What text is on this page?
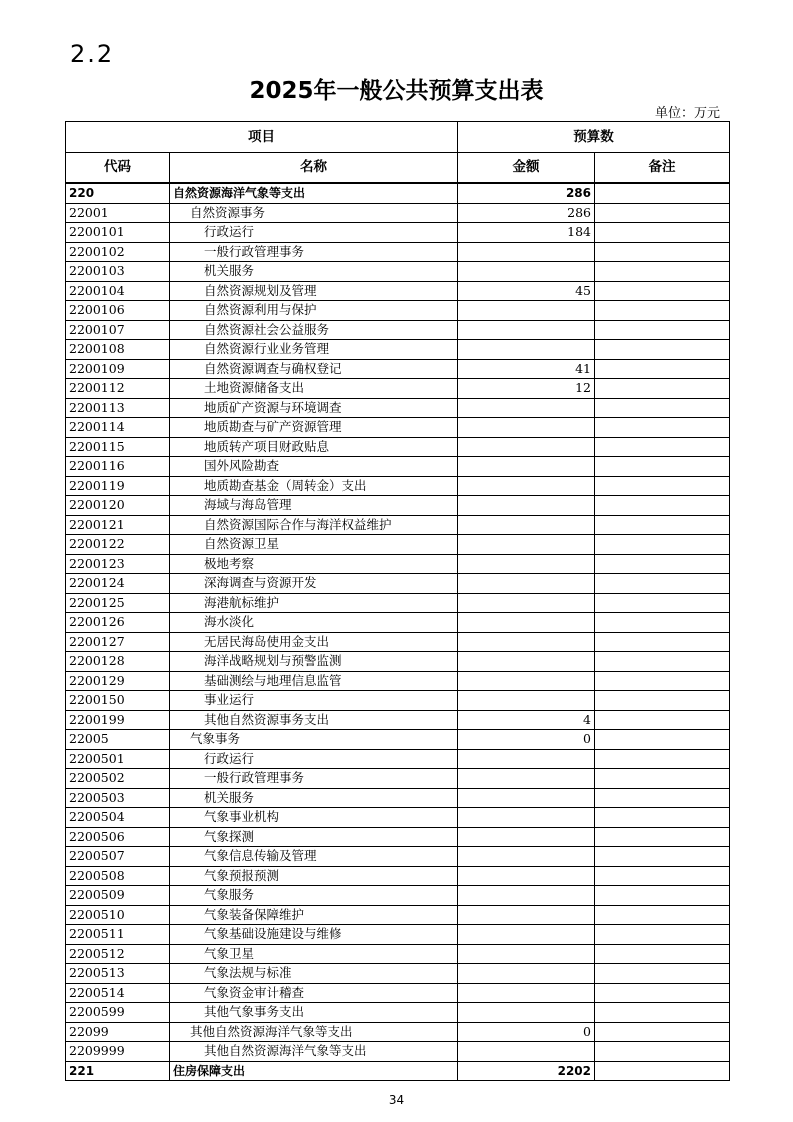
2.2
2025年一般公共预算支出表
单位：万元
项目		预算数	
代码	名称	金额	备注
220	自然资源海洋气象等支出	286	
22001	自然资源事务	286	
2200101	行政运行	184	
2200102	一般行政管理事务		
2200103	机关服务		
2200104	自然资源规划及管理	45	
2200106	自然资源利用与保护		
2200107	自然资源社会公益服务		
2200108	自然资源行业业务管理		
2200109	自然资源调查与确权登记	41	
2200112	土地资源储备支出	12	
2200113	地质矿产资源与环境调查		
2200114	地质勘查与矿产资源管理		
2200115	地质转产项目财政贴息		
2200116	国外风险勘查		
2200119	地质勘查基金（周转金）支出		
2200120	海域与海岛管理		
2200121	自然资源国际合作与海洋权益维护		
2200122	自然资源卫星		
2200123	极地考察		
2200124	深海调查与资源开发		
2200125	海港航标维护		
2200126	海水淡化		
2200127	无居民海岛使用金支出		
2200128	海洋战略规划与预警监测		
2200129	基础测绘与地理信息监管		
2200150	事业运行		
2200199	其他自然资源事务支出	4	
22005	气象事务	0	
2200501	行政运行		
2200502	一般行政管理事务		
2200503	机关服务		
2200504	气象事业机构		
2200506	气象探测		
2200507	气象信息传输及管理		
2200508	气象预报预测		
2200509	气象服务		
2200510	气象装备保障维护		
2200511	气象基础设施建设与维修		
2200512	气象卫星		
2200513	气象法规与标准		
2200514	气象资金审计稽查		
2200599	其他气象事务支出		
22099	其他自然资源海洋气象等支出	0	
2209999	其他自然资源海洋气象等支出		
221	住房保障支出	2202	
34
